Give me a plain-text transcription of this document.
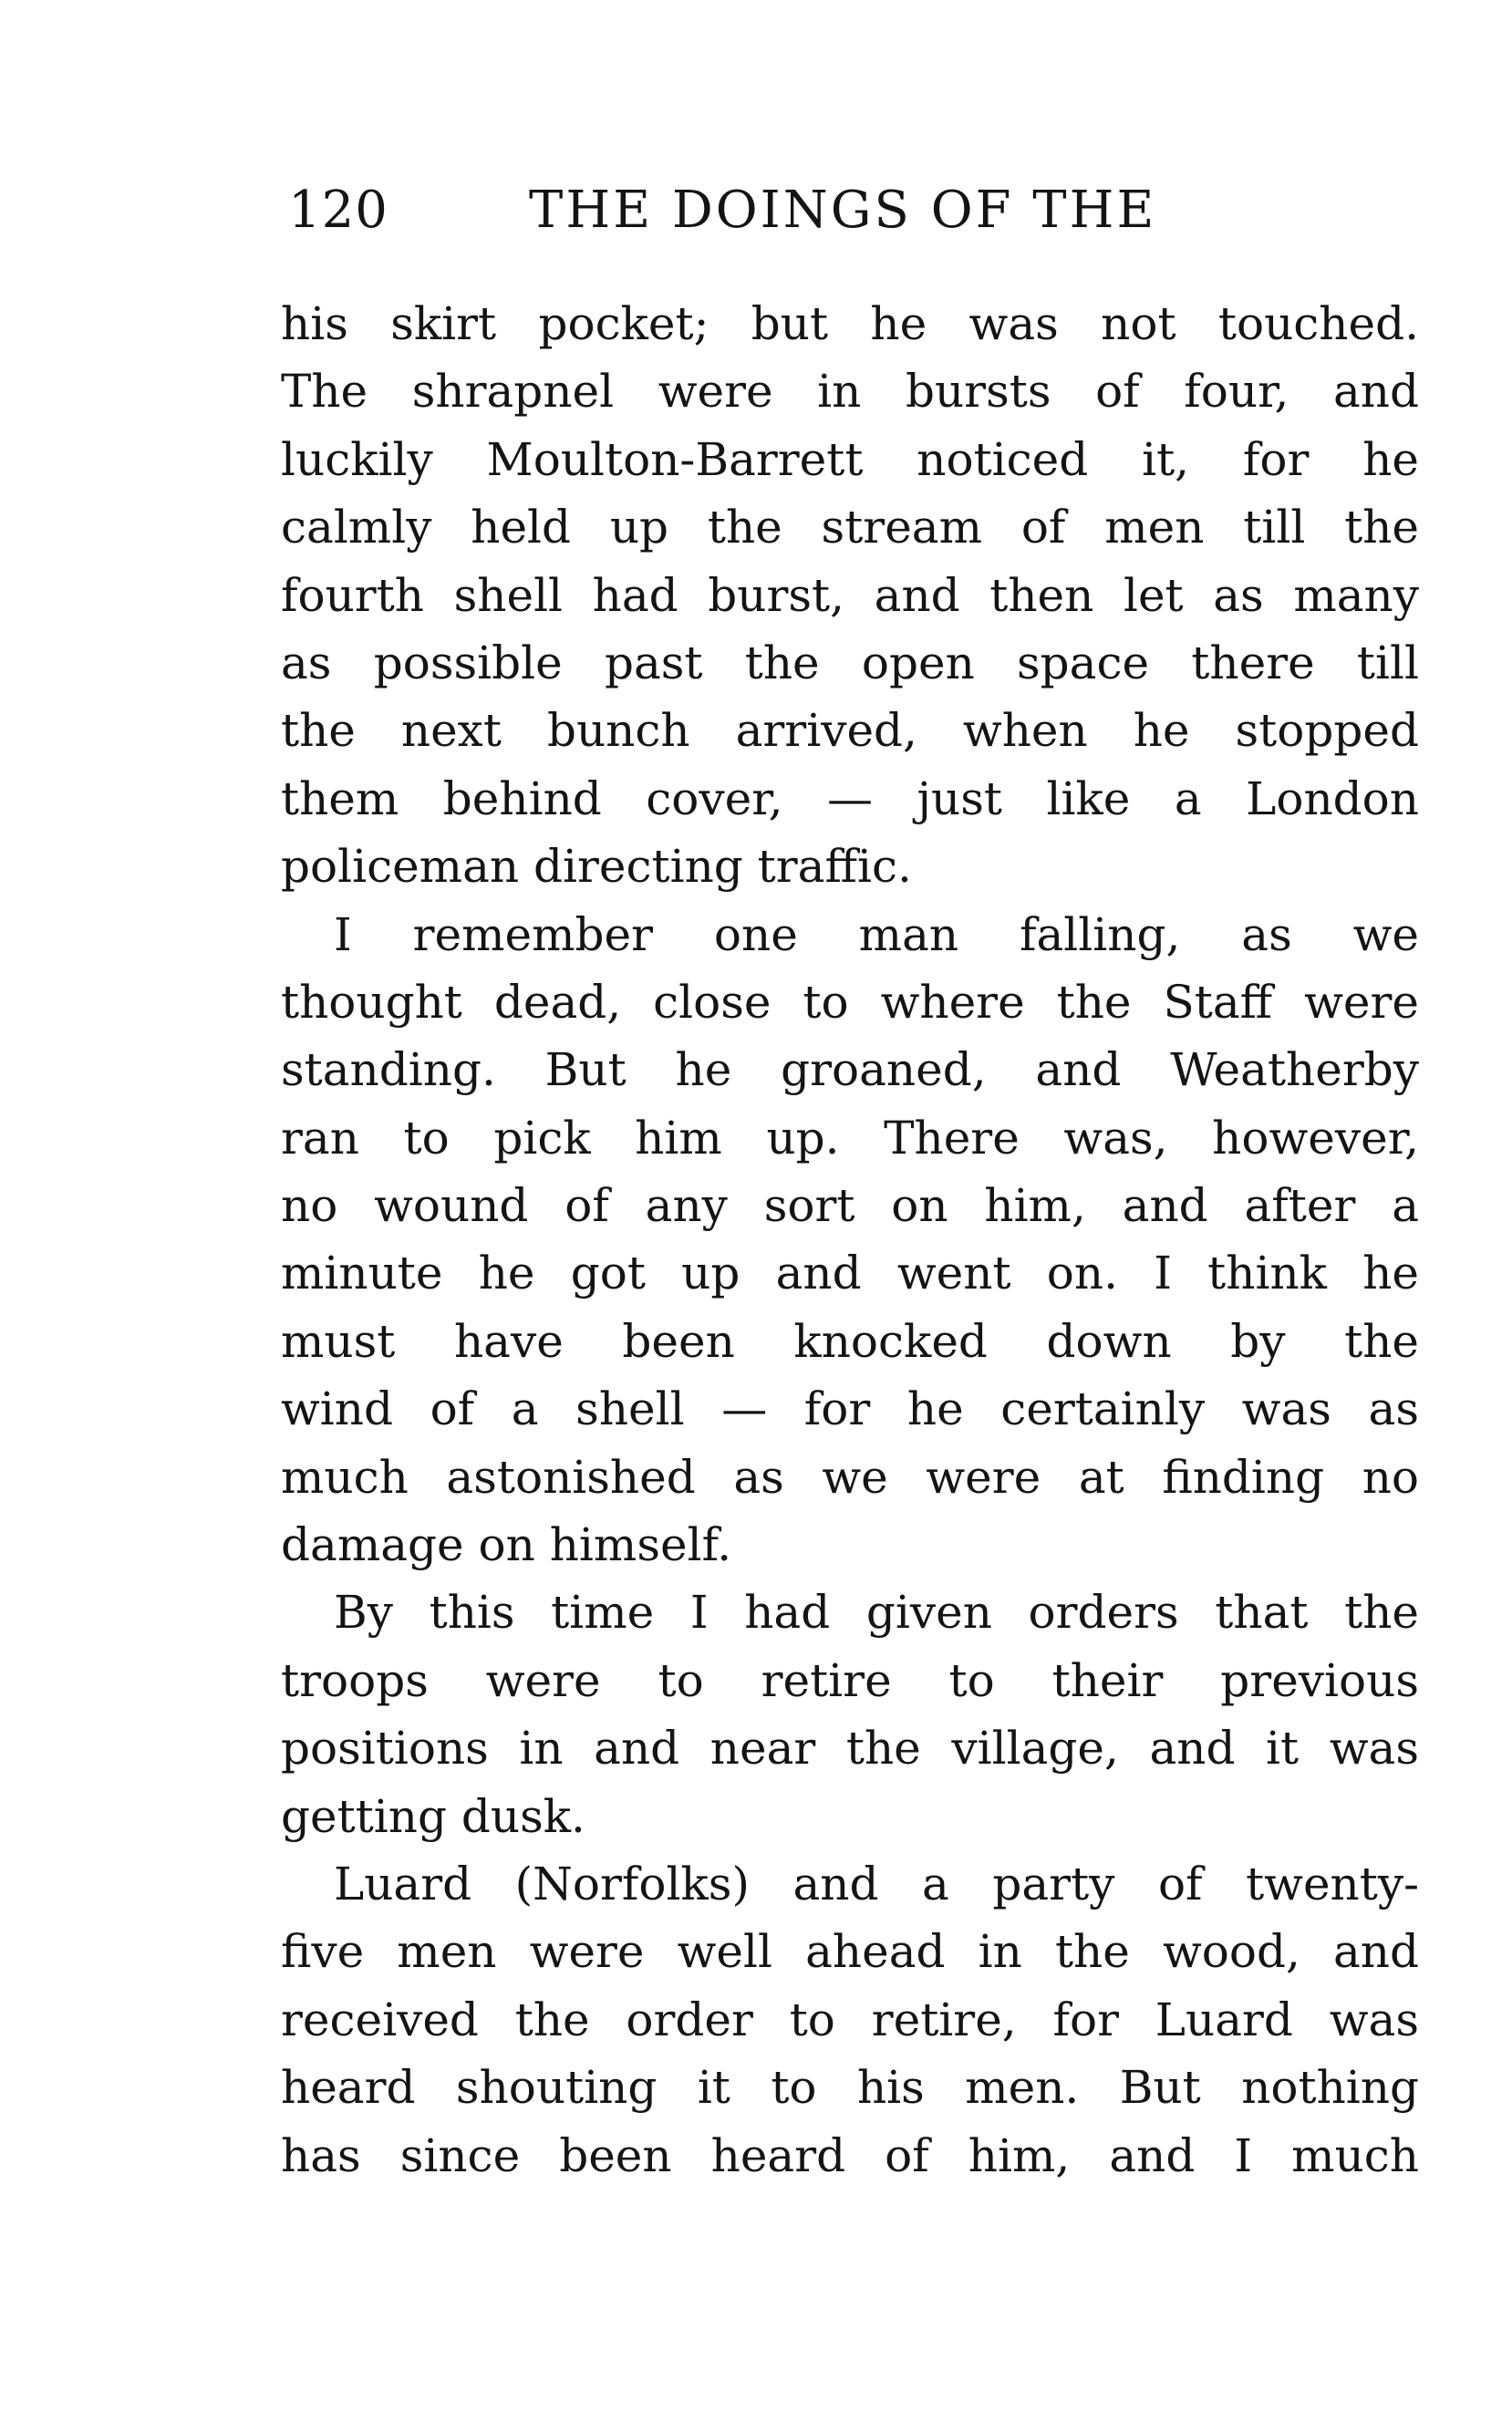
120	THE DOINGS OF THE
his skirt pocket; but he was not touched.
The shrapnel were in bursts of four, and
luckily Moulton-Barrett noticed it, for he
calmly held up the stream of men till the
fourth shell had burst, and then let as many
as possible past the open space there till
the next bunch arrived, when he stopped
them behind cover, — just like a London
policeman directing traffic.
I remember one man falling, as we
thought dead, close to where the Staff were
standing. But he groaned, and Weatherby
ran to pick him up. There was, however,
no wound of any sort on him, and after a
minute he got up and went on. I think he
must have been knocked down by the
wind of a shell — for he certainly was as
much astonished as we were at finding no
damage on himself.
By this time I had given orders that the
troops were to retire to their previous
positions in and near the village, and it was
getting dusk.
Luard (Norfolks) and a party of twenty-
five men were well ahead in the wood, and
received the order to retire, for Luard was
heard shouting it to his men. But nothing
has since been heard of him, and I much
